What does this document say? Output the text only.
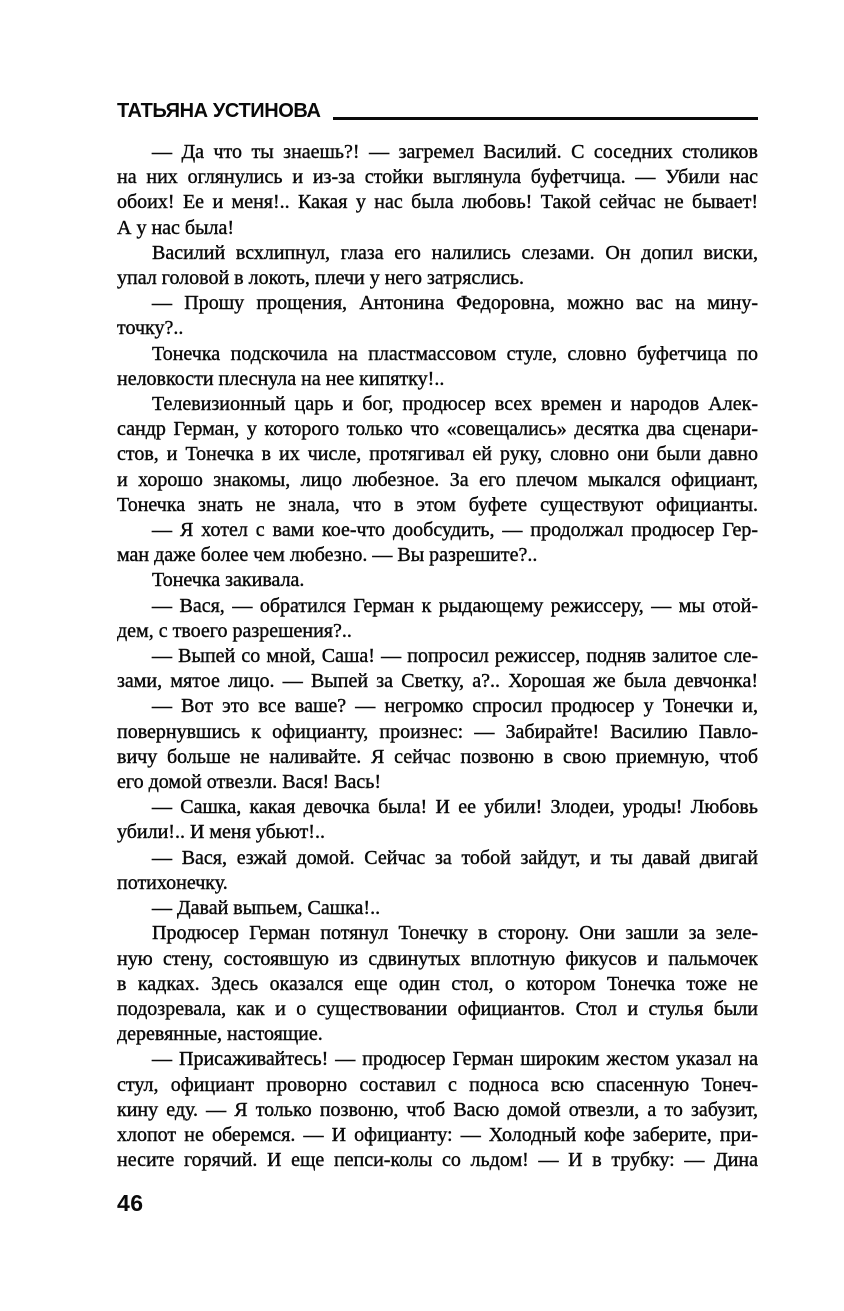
ТАТЬЯНА УСТИНОВА
— Да что ты знаешь?! — загремел Василий. С соседних столиков
на них оглянулись и из-за стойки выглянула буфетчица. — Убили нас
обоих! Ее и меня!.. Какая у нас была любовь! Такой сейчас не бывает!
А у нас была!
Василий всхлипнул, глаза его налились слезами. Он допил виски,
упал головой в локоть, плечи у него затряслись.
— Прошу прощения, Антонина Федоровна, можно вас на мину-
точку?..
Тонечка подскочила на пластмассовом стуле, словно буфетчица по
неловкости плеснула на нее кипятку!..
Телевизионный царь и бог, продюсер всех времен и народов Алек-
сандр Герман, у которого только что «совещались» десятка два сценари-
стов, и Тонечка в их числе, протягивал ей руку, словно они были давно
и хорошо знакомы, лицо любезное. За его плечом мыкался официант,
Тонечка знать не знала, что в этом буфете существуют официанты.
— Я хотел с вами кое-что дообсудить, — продолжал продюсер Гер-
ман даже более чем любезно. — Вы разрешите?..
Тонечка закивала.
— Вася, — обратился Герман к рыдающему режиссеру, — мы отой-
дем, с твоего разрешения?..
— Выпей со мной, Саша! — попросил режиссер, подняв залитое сле-
зами, мятое лицо. — Выпей за Светку, а?.. Хорошая же была девчонка!
— Вот это все ваше? — негромко спросил продюсер у Тонечки и,
повернувшись к официанту, произнес: — Забирайте! Василию Павло-
вичу больше не наливайте. Я сейчас позвоню в свою приемную, чтоб
его домой отвезли. Вася! Вась!
— Сашка, какая девочка была! И ее убили! Злодеи, уроды! Любовь
убили!.. И меня убьют!..
— Вася, езжай домой. Сейчас за тобой зайдут, и ты давай двигай
потихонечку.
— Давай выпьем, Сашка!..
Продюсер Герман потянул Тонечку в сторону. Они зашли за зеле-
ную стену, состоявшую из сдвинутых вплотную фикусов и пальмочек
в кадках. Здесь оказался еще один стол, о котором Тонечка тоже не
подозревала, как и о существовании официантов. Стол и стулья были
деревянные, настоящие.
— Присаживайтесь! — продюсер Герман широким жестом указал на
стул, официант проворно составил с подноса всю спасенную Тонеч-
кину еду. — Я только позвоню, чтоб Васю домой отвезли, а то забузит,
хлопот не оберемся. — И официанту: — Холодный кофе заберите, при-
несите горячий. И еще пепси-колы со льдом! — И в трубку: — Дина
46
